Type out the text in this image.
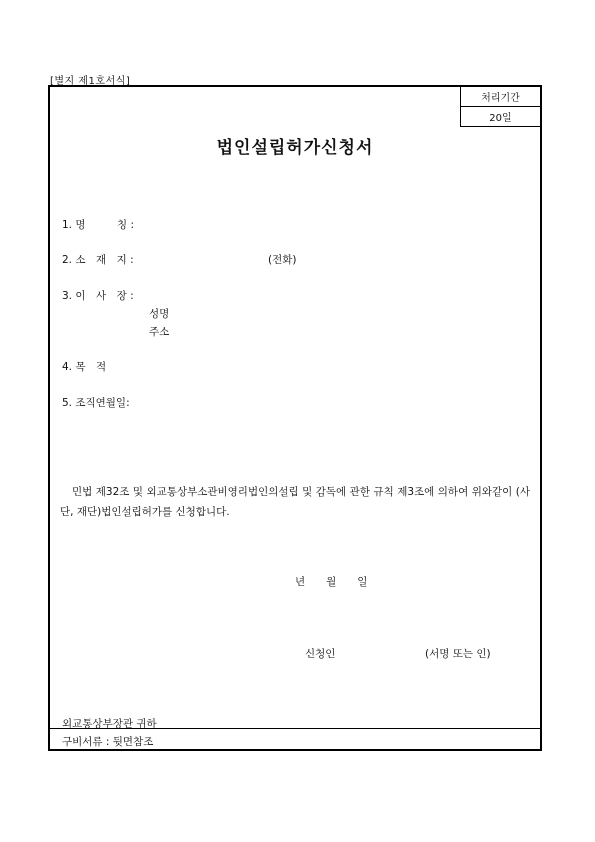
[별지 제1호서식]
처리기간
20일
법인설립허가신청서
1. 명　　　칭 :
2. 소　재　지 :	(전화)
3. 이　사　장 :
성명
주소
4. 목　적
5. 조직연월일:
민법 제32조 및 외교통상부소관비영리법인의설립 및 감독에 관한 규칙 제3조에 의하여 위와같이 (사단, 재단)법인설립허가를 신청합니다.
년　　월　　일
신청인	(서명 또는 인)
외교통상부장관 귀하
구비서류 : 뒷면참조
